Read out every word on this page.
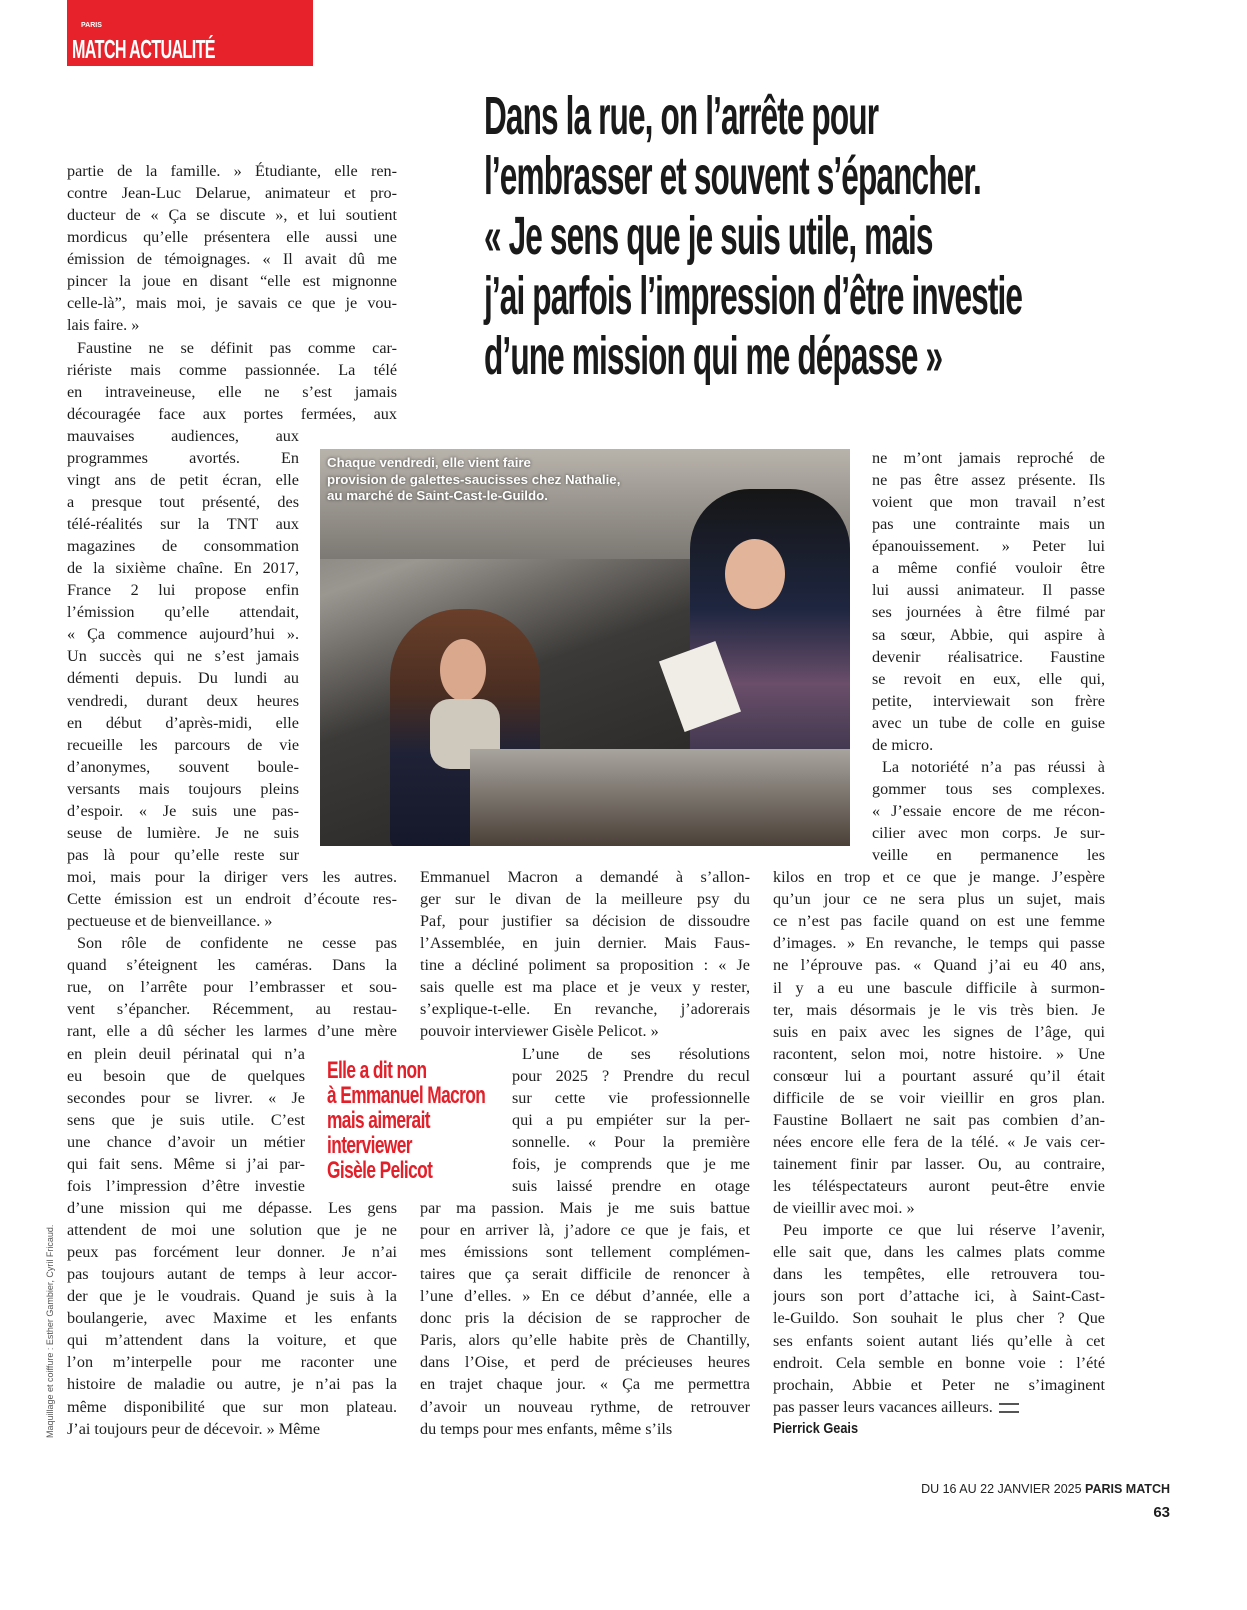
PARIS
MATCH ACTUALITÉ
Dans la rue, on l’arrête pour
l’embrasser et souvent s’épancher.
« Je sens que je suis utile, mais
j’ai parfois l’impression d’être investie
d’une mission qui me dépasse »
Chaque vendredi, elle vient faire
provision de galettes-saucisses chez Nathalie,
au marché de Saint-Cast-le-Guildo.
partie de la famille. » Étudiante, elle ren-
contre Jean-Luc Delarue, animateur et pro-
ducteur de « Ça se discute », et lui soutient
mordicus qu’elle présentera elle aussi une
émission de témoignages. « Il avait dû me
pincer la joue en disant “elle est mignonne
celle-là”, mais moi, je savais ce que je vou-
lais faire. »
Faustine ne se définit pas comme car-
riériste mais comme passionnée. La télé
en intraveineuse, elle ne s’est jamais
découragée face aux portes fermées, aux
mauvaises audiences, aux
programmes avortés. En
vingt ans de petit écran, elle
a presque tout présenté, des
télé-réalités sur la TNT aux
magazines de consommation
de la sixième chaîne. En 2017,
France 2 lui propose enfin
l’émission qu’elle attendait,
« Ça commence aujourd’hui ».
Un succès qui ne s’est jamais
démenti depuis. Du lundi au
vendredi, durant deux heures
en début d’après-midi, elle
recueille les parcours de vie
d’anonymes, souvent boule-
versants mais toujours pleins
d’espoir. « Je suis une pas-
seuse de lumière. Je ne suis
pas là pour qu’elle reste sur
moi, mais pour la diriger vers les autres.
Cette émission est un endroit d’écoute res-
pectueuse et de bienveillance. »
Son rôle de confidente ne cesse pas
quand s’éteignent les caméras. Dans la
rue, on l’arrête pour l’embrasser et sou-
vent s’épancher. Récemment, au restau-
rant, elle a dû sécher les larmes d’une mère
en plein deuil périnatal qui n’a
eu besoin que de quelques
secondes pour se livrer. « Je
sens que je suis utile. C’est
une chance d’avoir un métier
qui fait sens. Même si j’ai par-
fois l’impression d’être investie
d’une mission qui me dépasse. Les gens
attendent de moi une solution que je ne
peux pas forcément leur donner. Je n’ai
pas toujours autant de temps à leur accor-
der que je le voudrais. Quand je suis à la
boulangerie, avec Maxime et les enfants
qui m’attendent dans la voiture, et que
l’on m’interpelle pour me raconter une
histoire de maladie ou autre, je n’ai pas la
même disponibilité que sur mon plateau.
J’ai toujours peur de décevoir. » Même
Emmanuel Macron a demandé à s’allon-
ger sur le divan de la meilleure psy du
Paf, pour justifier sa décision de dissoudre
l’Assemblée, en juin dernier. Mais Faus-
tine a décliné poliment sa proposition : « Je
sais quelle est ma place et je veux y rester,
s’explique-t-elle. En revanche, j’adorerais
pouvoir interviewer Gisèle Pelicot. »
L’une de ses résolutions
pour 2025 ? Prendre du recul
sur cette vie professionnelle
qui a pu empiéter sur la per-
sonnelle. « Pour la première
fois, je comprends que je me
suis laissé prendre en otage
par ma passion. Mais je me suis battue
pour en arriver là, j’adore ce que je fais, et
mes émissions sont tellement complémen-
taires que ça serait difficile de renoncer à
l’une d’elles. » En ce début d’année, elle a
donc pris la décision de se rapprocher de
Paris, alors qu’elle habite près de Chantilly,
dans l’Oise, et perd de précieuses heures
en trajet chaque jour. « Ça me permettra
d’avoir un nouveau rythme, de retrouver
du temps pour mes enfants, même s’ils
ne m’ont jamais reproché de
ne pas être assez présente. Ils
voient que mon travail n’est
pas une contrainte mais un
épanouissement. » Peter lui
a même confié vouloir être
lui aussi animateur. Il passe
ses journées à être filmé par
sa sœur, Abbie, qui aspire à
devenir réalisatrice. Faustine
se revoit en eux, elle qui,
petite, interviewait son frère
avec un tube de colle en guise
de micro.
La notoriété n’a pas réussi à
gommer tous ses complexes.
« J’essaie encore de me récon-
cilier avec mon corps. Je sur-
veille en permanence les
kilos en trop et ce que je mange. J’espère
qu’un jour ce ne sera plus un sujet, mais
ce n’est pas facile quand on est une femme
d’images. » En revanche, le temps qui passe
ne l’éprouve pas. « Quand j’ai eu 40 ans,
il y a eu une bascule difficile à surmon-
ter, mais désormais je le vis très bien. Je
suis en paix avec les signes de l’âge, qui
racontent, selon moi, notre histoire. » Une
consœur lui a pourtant assuré qu’il était
difficile de se voir vieillir en gros plan.
Faustine Bollaert ne sait pas combien d’an-
nées encore elle fera de la télé. « Je vais cer-
tainement finir par lasser. Ou, au contraire,
les téléspectateurs auront peut-être envie
de vieillir avec moi. »
Peu importe ce que lui réserve l’avenir,
elle sait que, dans les calmes plats comme
dans les tempêtes, elle retrouvera tou-
jours son port d’attache ici, à Saint-Cast-
le-Guildo. Son souhait le plus cher ? Que
ses enfants soient autant liés qu’elle à cet
endroit. Cela semble en bonne voie : l’été
prochain, Abbie et Peter ne s’imaginent
pas passer leurs vacances ailleurs.
Elle a dit non
à Emmanuel Macron
mais aimerait
interviewer
Gisèle Pelicot
Maquillage et coiffure : Esther Gambier, Cyril Fricaud.	Pierrick Geais
DU 16 AU 22 JANVIER 2025 PARIS MATCH
63
